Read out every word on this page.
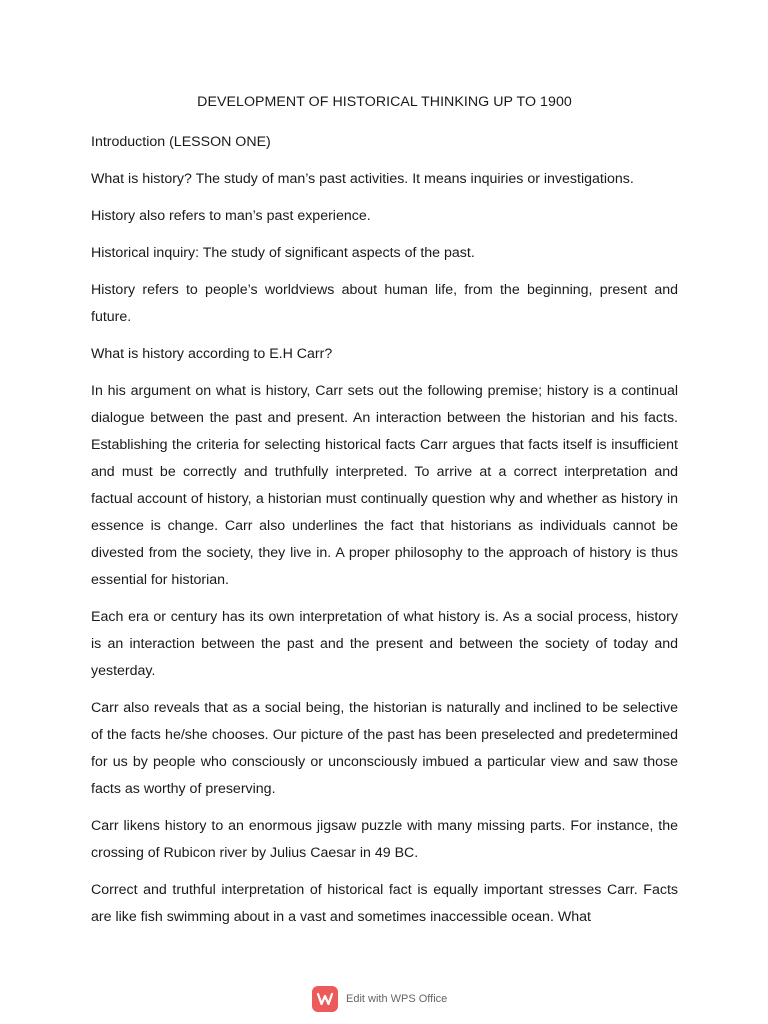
DEVELOPMENT OF HISTORICAL THINKING UP TO 1900
Introduction (LESSON ONE)
What is history? The study of man’s past activities. It means inquiries or investigations.
History also refers to man’s past experience.
Historical inquiry: The study of significant aspects of the past.
History refers to people’s worldviews about human life, from the beginning, present and future.
What is history according to E.H Carr?
In his argument on what is history, Carr sets out the following premise; history is a continual dialogue between the past and present. An interaction between the historian and his facts. Establishing the criteria for selecting historical facts Carr argues that facts itself is insufficient and must be correctly and truthfully interpreted. To arrive at a correct interpretation and factual account of history, a historian must continually question why and whether as history in essence is change. Carr also underlines the fact that historians as individuals cannot be divested from the society, they live in. A proper philosophy to the approach of history is thus essential for historian.
Each era or century has its own interpretation of what history is. As a social process, history is an interaction between the past and the present and between the society of today and yesterday.
Carr also reveals that as a social being, the historian is naturally and inclined to be selective of the facts he/she chooses. Our picture of the past has been preselected and predetermined for us by people who consciously or unconsciously imbued a particular view and saw those facts as worthy of preserving.
Carr likens history to an enormous jigsaw puzzle with many missing parts. For instance, the crossing of Rubicon river by Julius Caesar in 49 BC.
Correct and truthful interpretation of historical fact is equally important stresses Carr. Facts are like fish swimming about in a vast and sometimes inaccessible ocean. What
Edit with WPS Office
